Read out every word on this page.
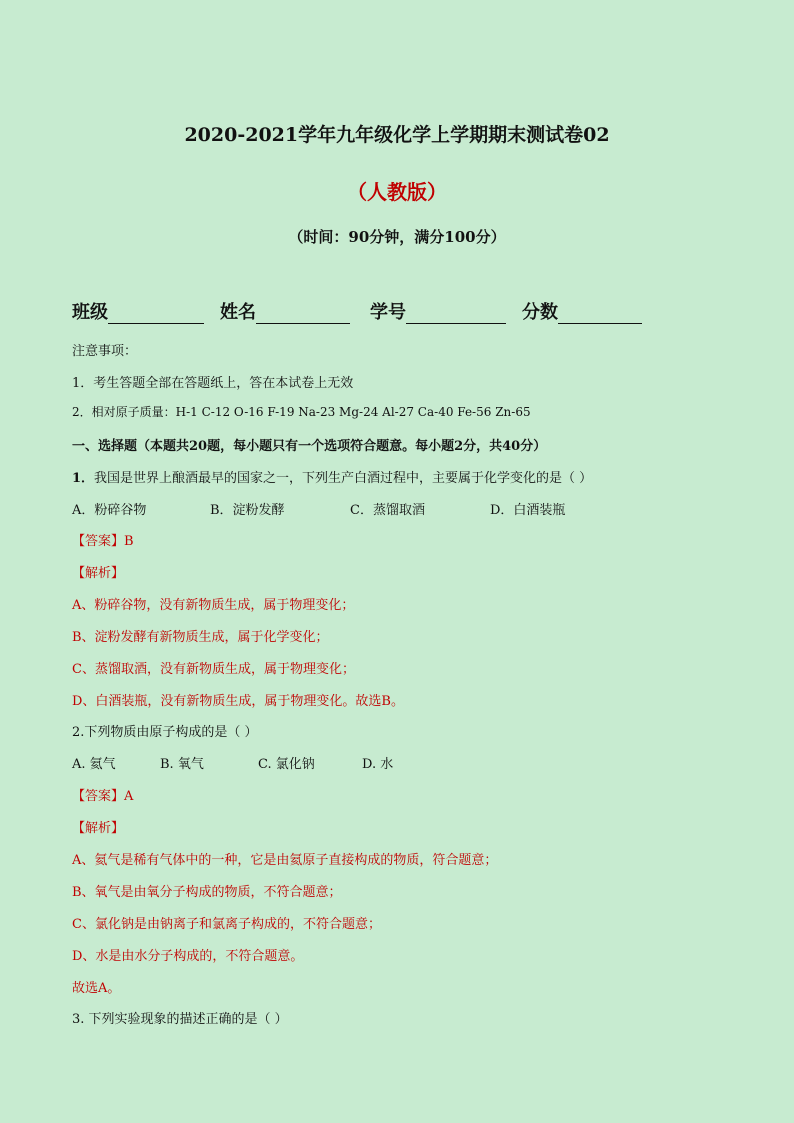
2020-2021学年九年级化学上学期期末测试卷02
（人教版）
（时间：90分钟，满分100分）
班级	姓名	学号	分数
注意事项：
1．考生答题全部在答题纸上，答在本试卷上无效
2．相对原子质量：H-1 C-12 O-16 F-19 Na-23 Mg-24 Al-27 Ca-40 Fe-56 Zn-65
一、选择题（本题共20题，每小题只有一个选项符合题意。每小题2分，共40分）
1．我国是世界上酿酒最早的国家之一，下列生产白酒过程中，主要属于化学变化的是（ ）
A．粉碎谷物	B．淀粉发酵	C．蒸馏取酒	D．白酒装瓶
【答案】B
【解析】
A、粉碎谷物，没有新物质生成，属于物理变化；
B、淀粉发酵有新物质生成，属于化学变化；
C、蒸馏取酒，没有新物质生成，属于物理变化；
D、白酒装瓶，没有新物质生成，属于物理变化。故选B。
2.下列物质由原子构成的是（ ）
A. 氦气	B. 氧气	C. 氯化钠	D. 水
【答案】A
【解析】
A、氦气是稀有气体中的一种，它是由氦原子直接构成的物质，符合题意；
B、氧气是由氧分子构成的物质，不符合题意；
C、氯化钠是由钠离子和氯离子构成的，不符合题意；
D、水是由水分子构成的，不符合题意。
故选A。
3. 下列实验现象的描述正确的是（ ）
